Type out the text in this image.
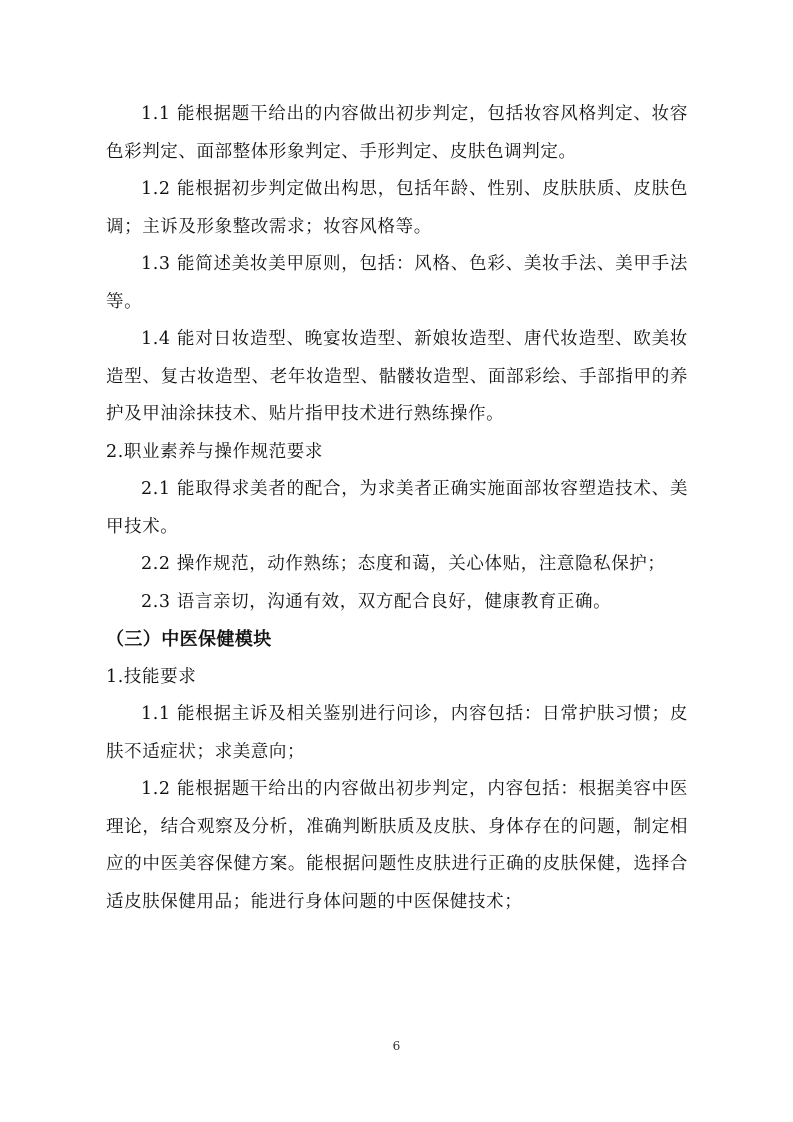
1.1 能根据题干给出的内容做出初步判定，包括妆容风格判定、妆容色彩判定、面部整体形象判定、手形判定、皮肤色调判定。

1.2 能根据初步判定做出构思，包括年龄、性别、皮肤肤质、皮肤色调；主诉及形象整改需求；妆容风格等。

1.3 能简述美妆美甲原则，包括：风格、色彩、美妆手法、美甲手法等。

1.4 能对日妆造型、晚宴妆造型、新娘妆造型、唐代妆造型、欧美妆造型、复古妆造型、老年妆造型、骷髅妆造型、面部彩绘、手部指甲的养护及甲油涂抹技术、贴片指甲技术进行熟练操作。

2.职业素养与操作规范要求

2.1 能取得求美者的配合，为求美者正确实施面部妆容塑造技术、美甲技术。

2.2 操作规范，动作熟练；态度和蔼，关心体贴，注意隐私保护；

2.3 语言亲切，沟通有效，双方配合良好，健康教育正确。

（三）中医保健模块

1.技能要求

1.1 能根据主诉及相关鉴别进行问诊，内容包括：日常护肤习惯；皮肤不适症状；求美意向；

1.2 能根据题干给出的内容做出初步判定，内容包括：根据美容中医理论，结合观察及分析，准确判断肤质及皮肤、身体存在的问题，制定相应的中医美容保健方案。能根据问题性皮肤进行正确的皮肤保健，选择合适皮肤保健用品；能进行身体问题的中医保健技术；

6
